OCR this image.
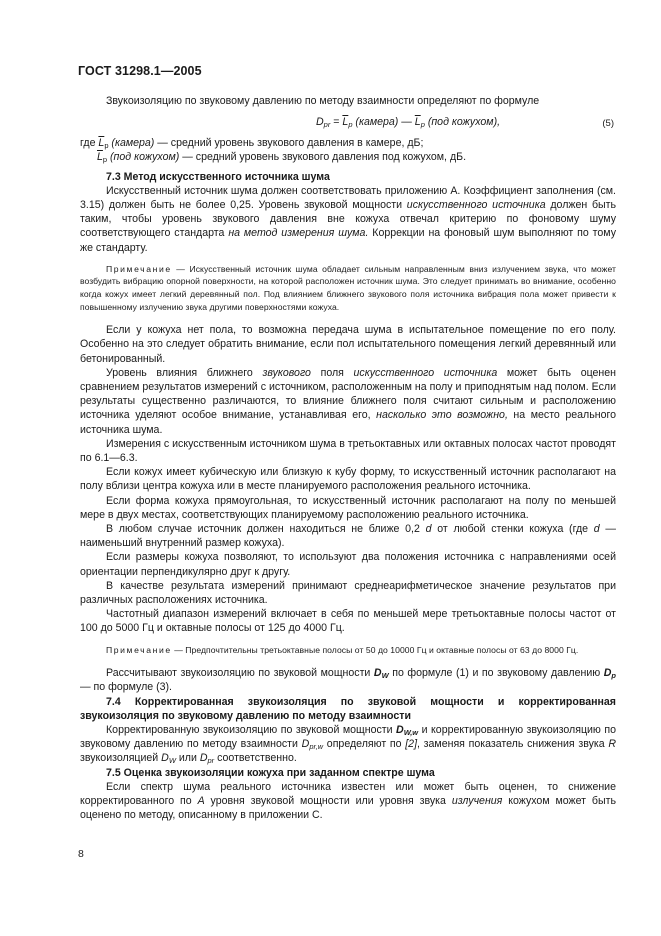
ГОСТ 31298.1—2005

Звукоизоляцию по звуковому давлению по методу взаимности определяют по формуле

$D_{pr} = \overline{L}_p$ (камера) — $\overline{L}_p$ (под кожухом),	(5)

где $\overline{L}_p$ (камера) — средний уровень звукового давления в камере, дБ;

$\overline{L}_p$ (под кожухом) — средний уровень звукового давления под кожухом, дБ.

7.3 Метод искусственного источника шума

Искусственный источник шума должен соответствовать приложению А. Коэффициент заполнения (см. 3.15) должен быть не более 0,25. Уровень звуковой мощности искусственного источника должен быть таким, чтобы уровень звукового давления вне кожуха отвечал критерию по фоновому шуму соответствующего стандарта на метод измерения шума. Коррекции на фоновый шум выполняют по тому же стандарту.

Примечание — Искусственный источник шума обладает сильным направленным вниз излучением звука, что может возбудить вибрацию опорной поверхности, на которой расположен источник шума. Это следует принимать во внимание, особенно когда кожух имеет легкий деревянный пол. Под влиянием ближнего звукового поля источника вибрация пола может привести к повышенному излучению звука другими поверхностями кожуха.

Если у кожуха нет пола, то возможна передача шума в испытательное помещение по его полу. Особенно на это следует обратить внимание, если пол испытательного помещения легкий деревянный или бетонированный.

Уровень влияния ближнего звукового поля искусственного источника может быть оценен сравнением результатов измерений с источником, расположенным на полу и приподнятым над полом. Если результаты существенно различаются, то влияние ближнего поля считают сильным и расположению источника уделяют особое внимание, устанавливая его, насколько это возможно, на место реального источника шума.

Измерения с искусственным источником шума в третьоктавных или октавных полосах частот проводят по 6.1—6.3.

Если кожух имеет кубическую или близкую к кубу форму, то искусственный источник располагают на полу вблизи центра кожуха или в месте планируемого расположения реального источника.

Если форма кожуха прямоугольная, то искусственный источник располагают на полу по меньшей мере в двух местах, соответствующих планируемому расположению реального источника.

В любом случае источник должен находиться не ближе 0,2 d от любой стенки кожуха (где d — наименьший внутренний размер кожуха).

Если размеры кожуха позволяют, то используют два положения источника с направлениями осей ориентации перпендикулярно друг к другу.

В качестве результата измерений принимают среднеарифметическое значение результатов при различных расположениях источника.

Частотный диапазон измерений включает в себя по меньшей мере третьоктавные полосы частот от 100 до 5000 Гц и октавные полосы от 125 до 4000 Гц.

Примечание — Предпочтительны третьоктавные полосы от 50 до 10000 Гц и октавные полосы от 63 до 8000 Гц.

Рассчитывают звукоизоляцию по звуковой мощности $D_W$ по формуле (1) и по звуковому давлению $D_p$ — по формуле (3).

7.4 Корректированная звукоизоляция по звуковой мощности и корректированная звукоизоляция по звуковому давлению по методу взаимности

Корректированную звукоизоляцию по звуковой мощности $D_{W,w}$ и корректированную звукоизоляцию по звуковому давлению по методу взаимности $D_{pr,w}$ определяют по [2], заменяя показатель снижения звука R звукоизоляцией $D_W$ или $D_{pr}$ соответственно.

7.5 Оценка звукоизоляции кожуха при заданном спектре шума

Если спектр шума реального источника известен или может быть оценен, то снижение корректированного по А уровня звуковой мощности или уровня звука излучения кожухом может быть оценено по методу, описанному в приложении С.

8
